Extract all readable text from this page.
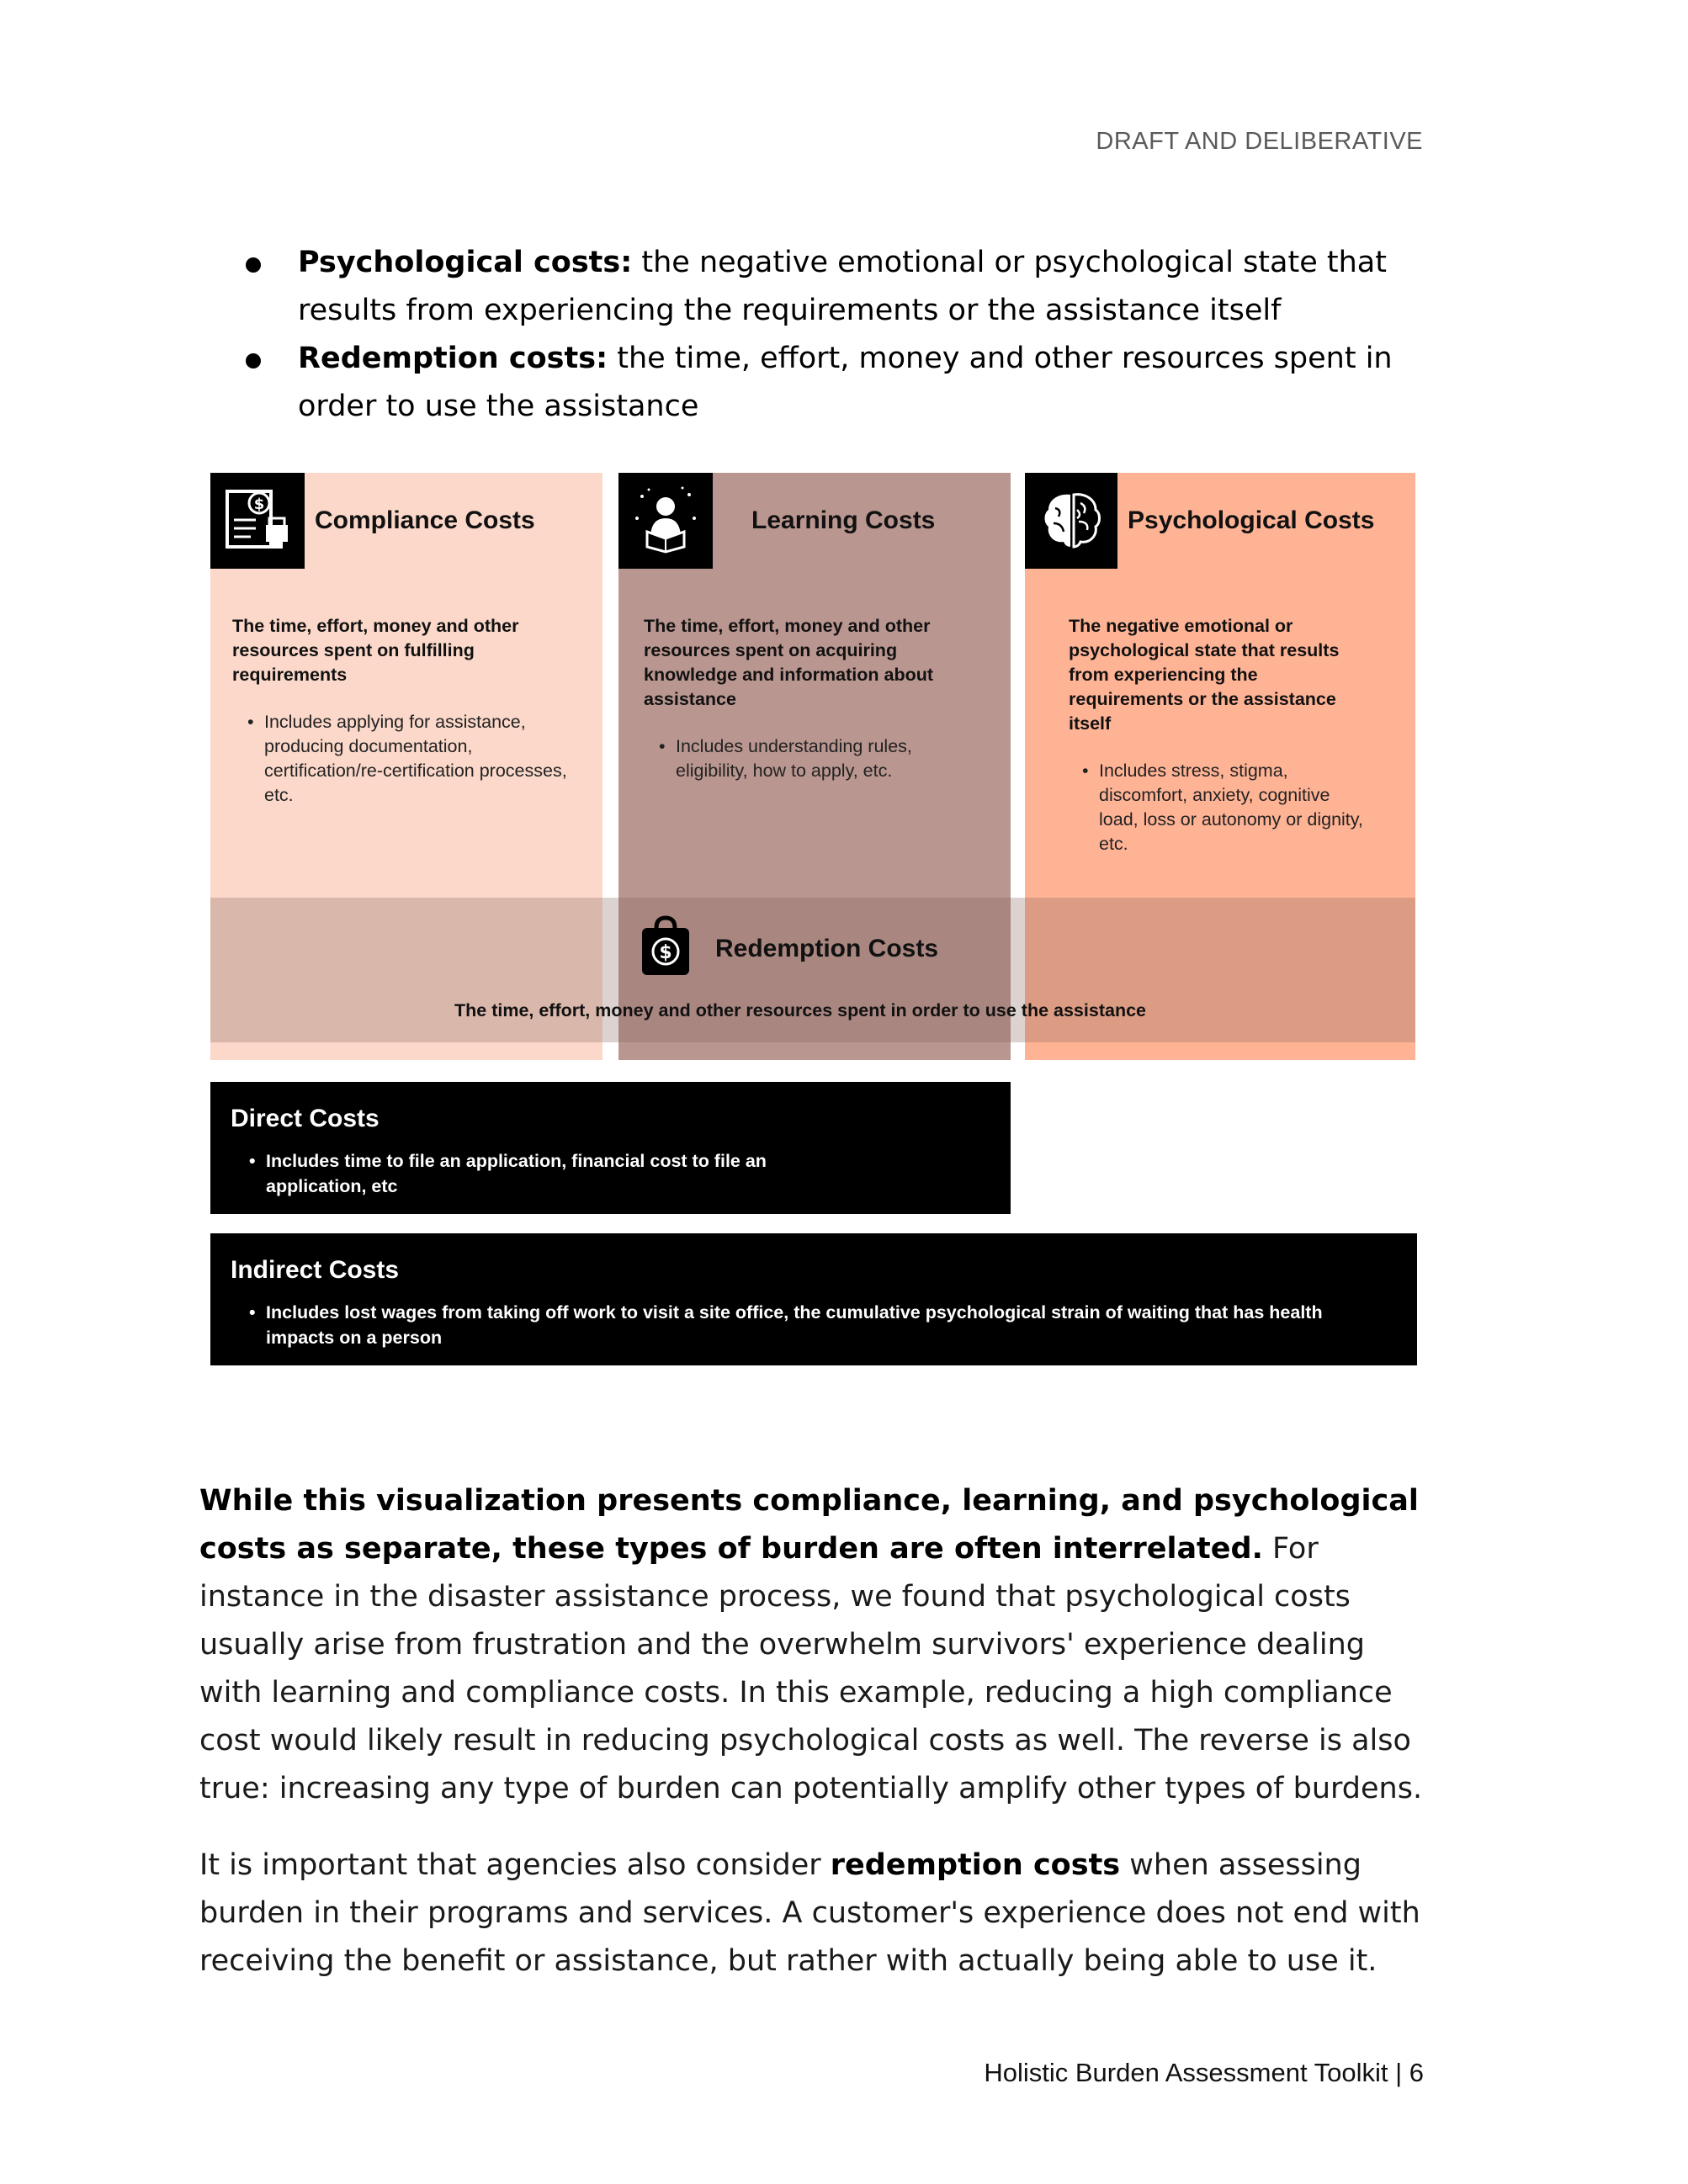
DRAFT AND DELIBERATIVE
Psychological costs: the negative emotional or psychological state that results from experiencing the requirements or the assistance itself
Redemption costs: the time, effort, money and other resources spent in order to use the assistance
$
Compliance Costs
The time, effort, money and other resources spent on fulfilling requirements
• Includes applying for assistance, producing documentation, certification/re-certification processes, etc.
Learning Costs
The time, effort, money and other resources spent on acquiring knowledge and information about assistance
• Includes understanding rules, eligibility, how to apply, etc.
Psychological Costs
The negative emotional or psychological state that results from experiencing the requirements or the assistance itself
• Includes stress, stigma, discomfort, anxiety, cognitive load, loss or autonomy or dignity, etc.
$ Redemption Costs
The time, effort, money and other resources spent in order to use the assistance
Direct Costs
• Includes time to file an application, financial cost to file an application, etc
Indirect Costs
• Includes lost wages from taking off work to visit a site office, the cumulative psychological strain of waiting that has health impacts on a person
While this visualization presents compliance, learning, and psychological costs as separate, these types of burden are often interrelated. For instance in the disaster assistance process, we found that psychological costs usually arise from frustration and the overwhelm survivors' experience dealing with learning and compliance costs. In this example, reducing a high compliance cost would likely result in reducing psychological costs as well. The reverse is also true: increasing any type of burden can potentially amplify other types of burdens.
It is important that agencies also consider redemption costs when assessing burden in their programs and services. A customer's experience does not end with receiving the benefit or assistance, but rather with actually being able to use it.
Holistic Burden Assessment Toolkit | 6
